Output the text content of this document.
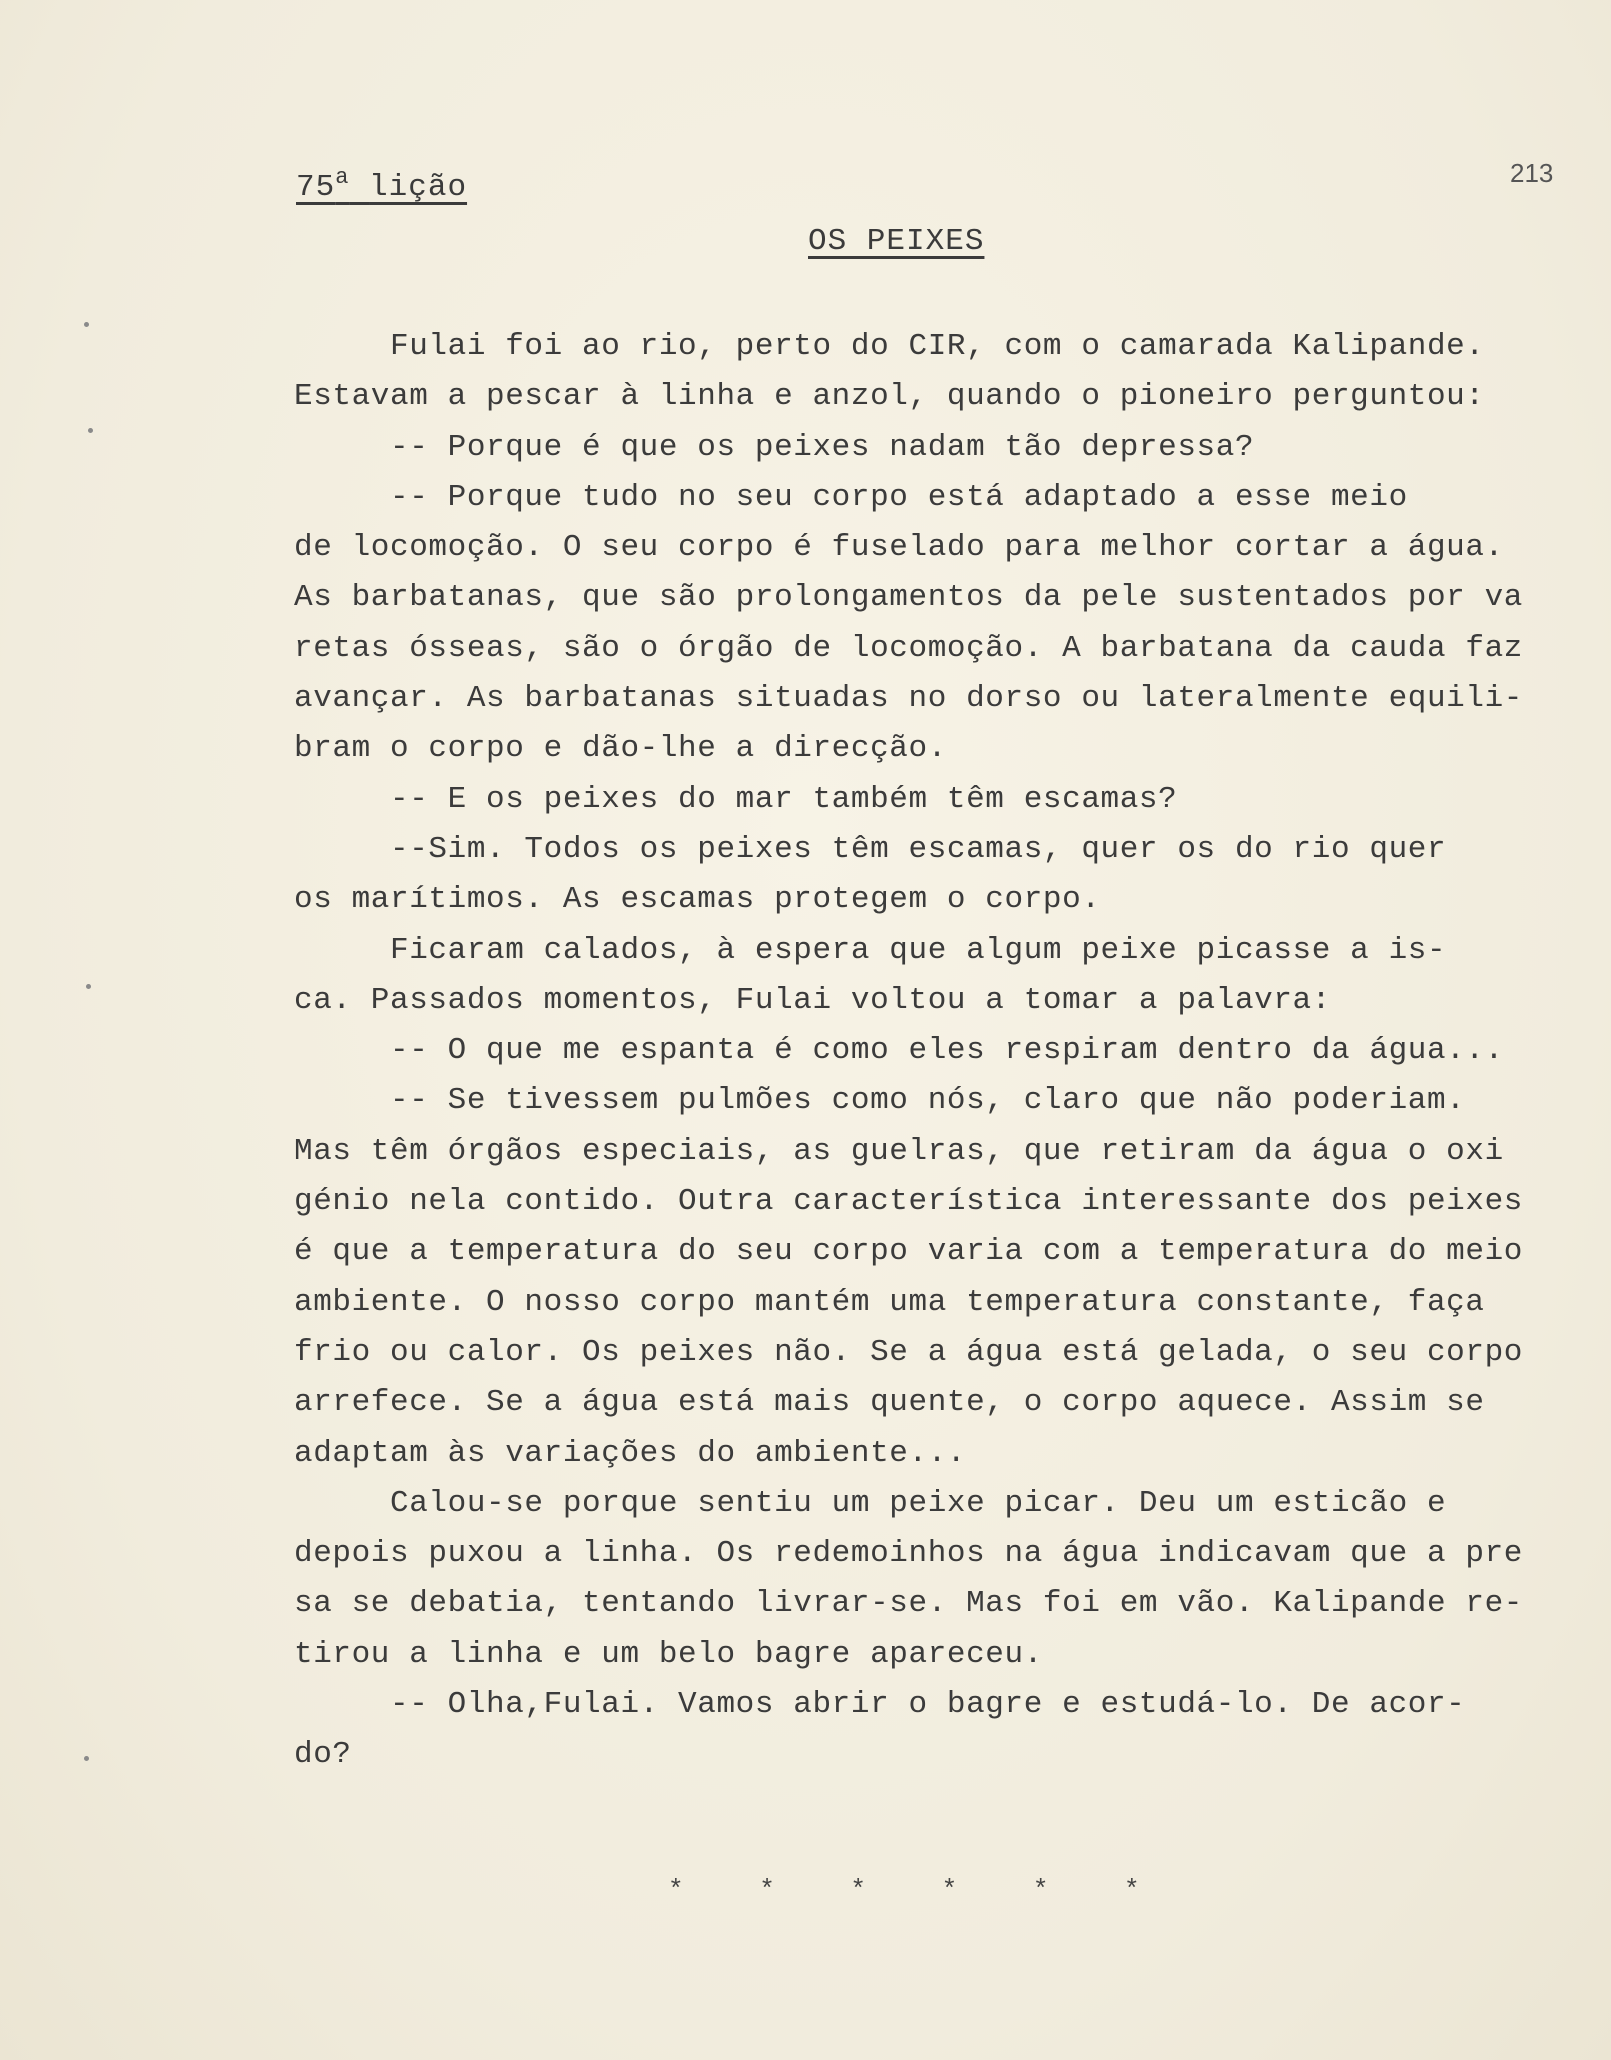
75$^a$ lição	213
OS PEIXES
Fulai foi ao rio, perto do CIR, com o camarada Kalipande.
Estavam a pescar à linha e anzol, quando o pioneiro perguntou:
-- Porque é que os peixes nadam tão depressa?
-- Porque tudo no seu corpo está adaptado a esse meio
de locomoção. O seu corpo é fuselado para melhor cortar a água.
As barbatanas, que são prolongamentos da pele sustentados por va
retas ósseas, são o órgão de locomoção. A barbatana da cauda faz
avançar. As barbatanas situadas no dorso ou lateralmente equili-
bram o corpo e dão-lhe a direcção.
-- E os peixes do mar também têm escamas?
--Sim. Todos os peixes têm escamas, quer os do rio quer
os marítimos. As escamas protegem o corpo.
Ficaram calados, à espera que algum peixe picasse a is-
ca. Passados momentos, Fulai voltou a tomar a palavra:
-- O que me espanta é como eles respiram dentro da água...
-- Se tivessem pulmões como nós, claro que não poderiam.
Mas têm órgãos especiais, as guelras, que retiram da água o oxi
génio nela contido. Outra característica interessante dos peixes
é que a temperatura do seu corpo varia com a temperatura do meio
ambiente. O nosso corpo mantém uma temperatura constante, faça
frio ou calor. Os peixes não. Se a água está gelada, o seu corpo
arrefece. Se a água está mais quente, o corpo aquece. Assim se
adaptam às variações do ambiente...
Calou-se porque sentiu um peixe picar. Deu um esticão e
depois puxou a linha. Os redemoinhos na água indicavam que a pre
sa se debatia, tentando livrar-se. Mas foi em vão. Kalipande re-
tirou a linha e um belo bagre apareceu.
-- Olha,Fulai. Vamos abrir o bagre e estudá-lo. De acor-
do?
* * * * * *
